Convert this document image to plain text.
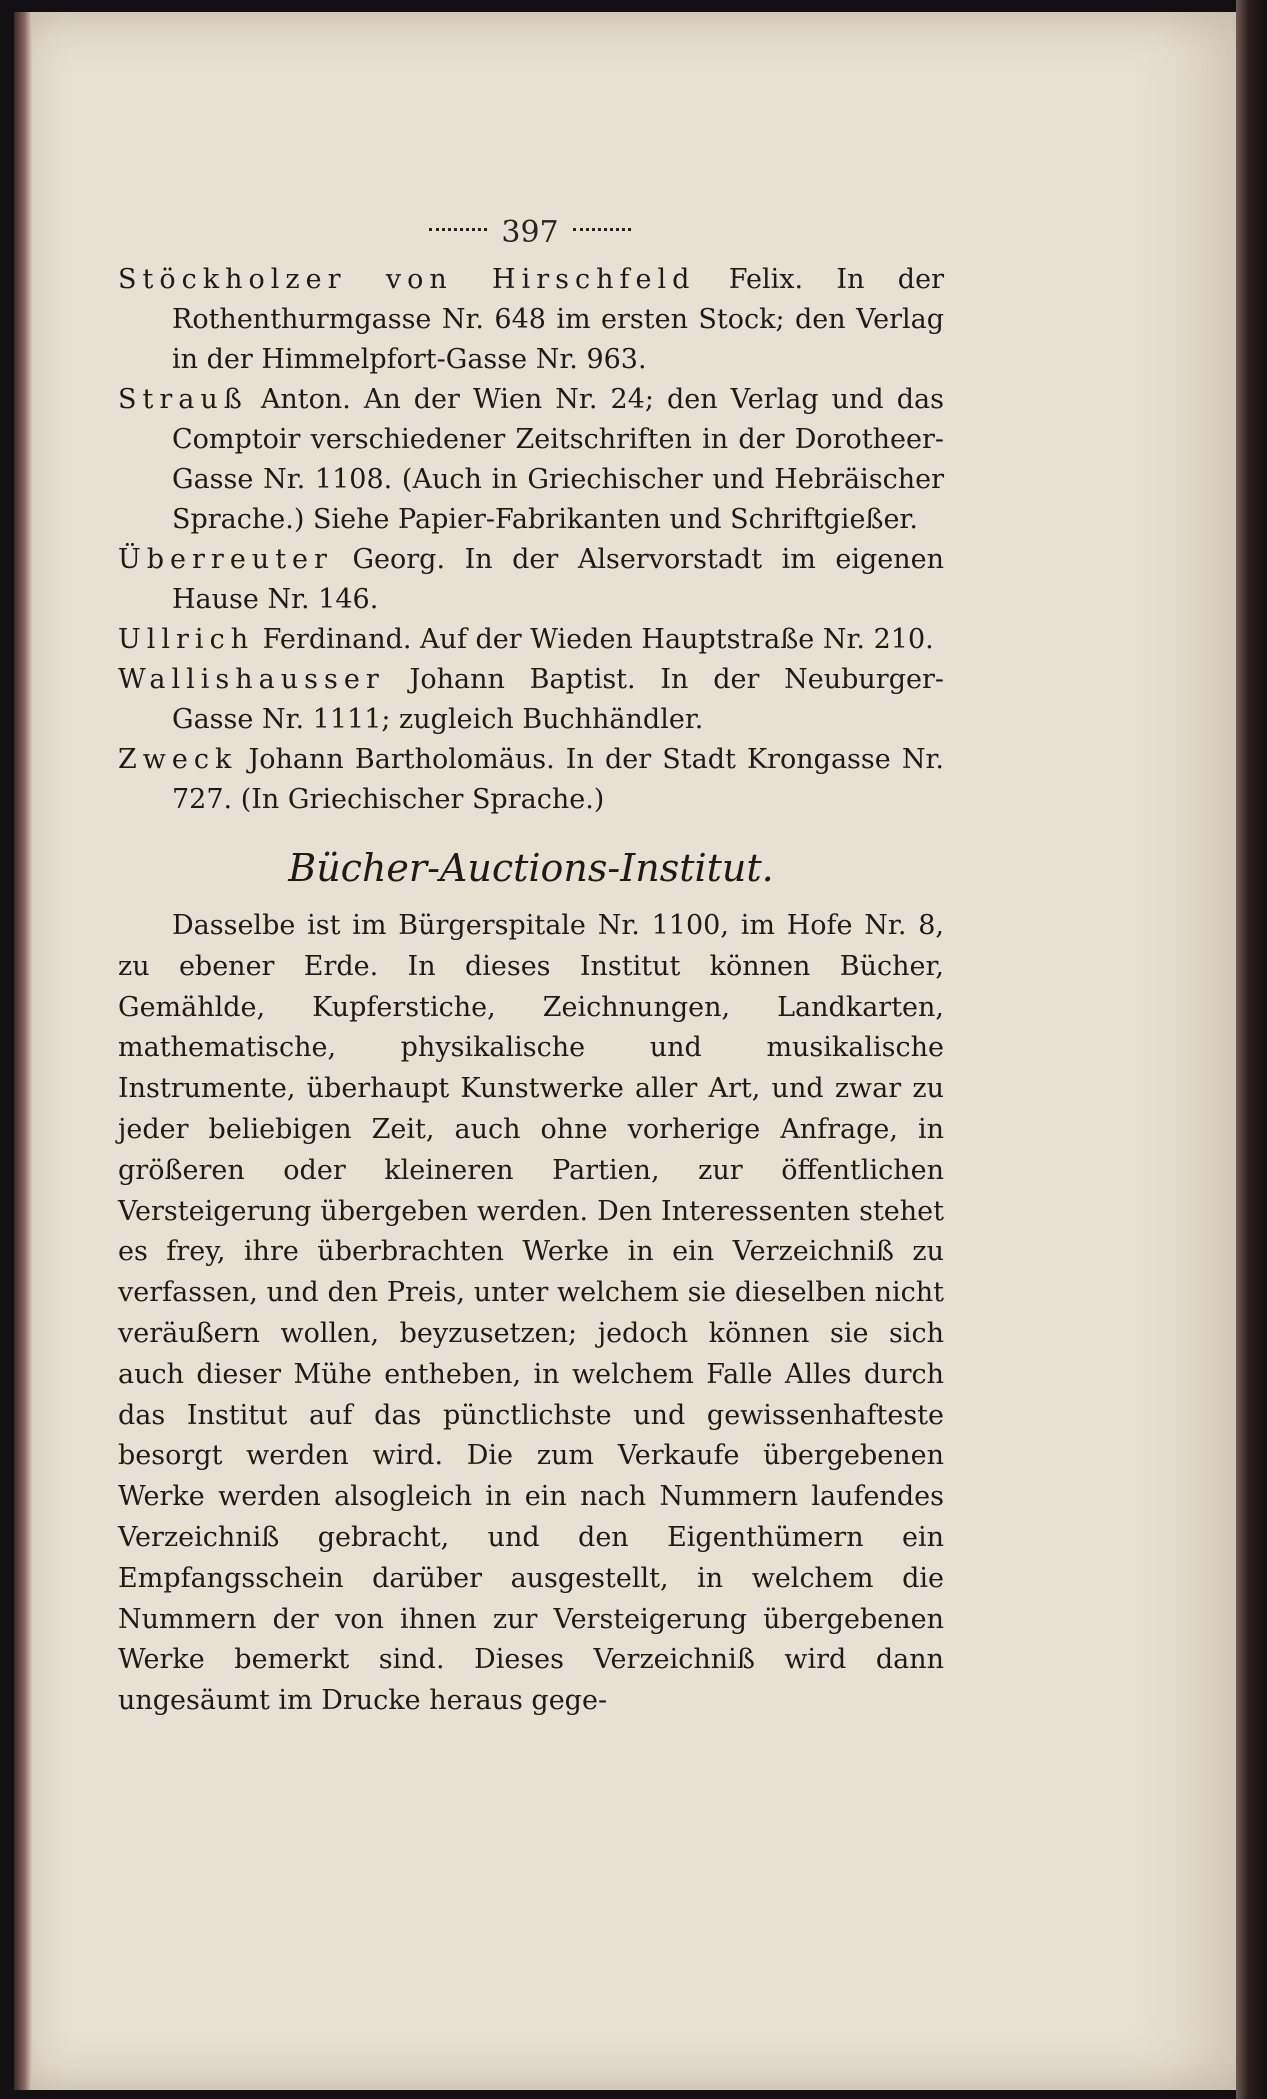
397
Stöckholzer von Hirschfeld Felix. In der Rothenthurmgasse Nr. 648 im ersten Stock; den Verlag in der Himmelpfort-Gasse Nr. 963.
Strauß Anton. An der Wien Nr. 24; den Verlag und das Comptoir verschiedener Zeitschriften in der Dorotheer-Gasse Nr. 1108. (Auch in Griechischer und Hebräischer Sprache.) Siehe Papier-Fabrikanten und Schriftgießer.
Überreuter Georg. In der Alservorstadt im eigenen Hause Nr. 146.
Ullrich Ferdinand. Auf der Wieden Hauptstraße Nr. 210.
Wallishausser Johann Baptist. In der Neuburger-Gasse Nr. 1111; zugleich Buchhändler.
Zweck Johann Bartholomäus. In der Stadt Krongasse Nr. 727. (In Griechischer Sprache.)
Bücher-Auctions-Institut.
Dasselbe ist im Bürgerspitale Nr. 1100, im Hofe Nr. 8, zu ebener Erde. In dieses Institut können Bücher, Gemählde, Kupferstiche, Zeichnungen, Landkarten, mathematische, physikalische und musikalische Instrumente, überhaupt Kunstwerke aller Art, und zwar zu jeder beliebigen Zeit, auch ohne vorherige Anfrage, in größeren oder kleineren Partien, zur öffentlichen Versteigerung übergeben werden. Den Interessenten stehet es frey, ihre überbrachten Werke in ein Verzeichniß zu verfassen, und den Preis, unter welchem sie dieselben nicht veräußern wollen, beyzusetzen; jedoch können sie sich auch dieser Mühe entheben, in welchem Falle Alles durch das Institut auf das pünctlichste und gewissenhafteste besorgt werden wird. Die zum Verkaufe übergebenen Werke werden alsogleich in ein nach Nummern laufendes Verzeichniß gebracht, und den Eigenthümern ein Empfangsschein darüber ausgestellt, in welchem die Nummern der von ihnen zur Versteigerung übergebenen Werke bemerkt sind. Dieses Verzeichniß wird dann ungesäumt im Drucke heraus gege-
